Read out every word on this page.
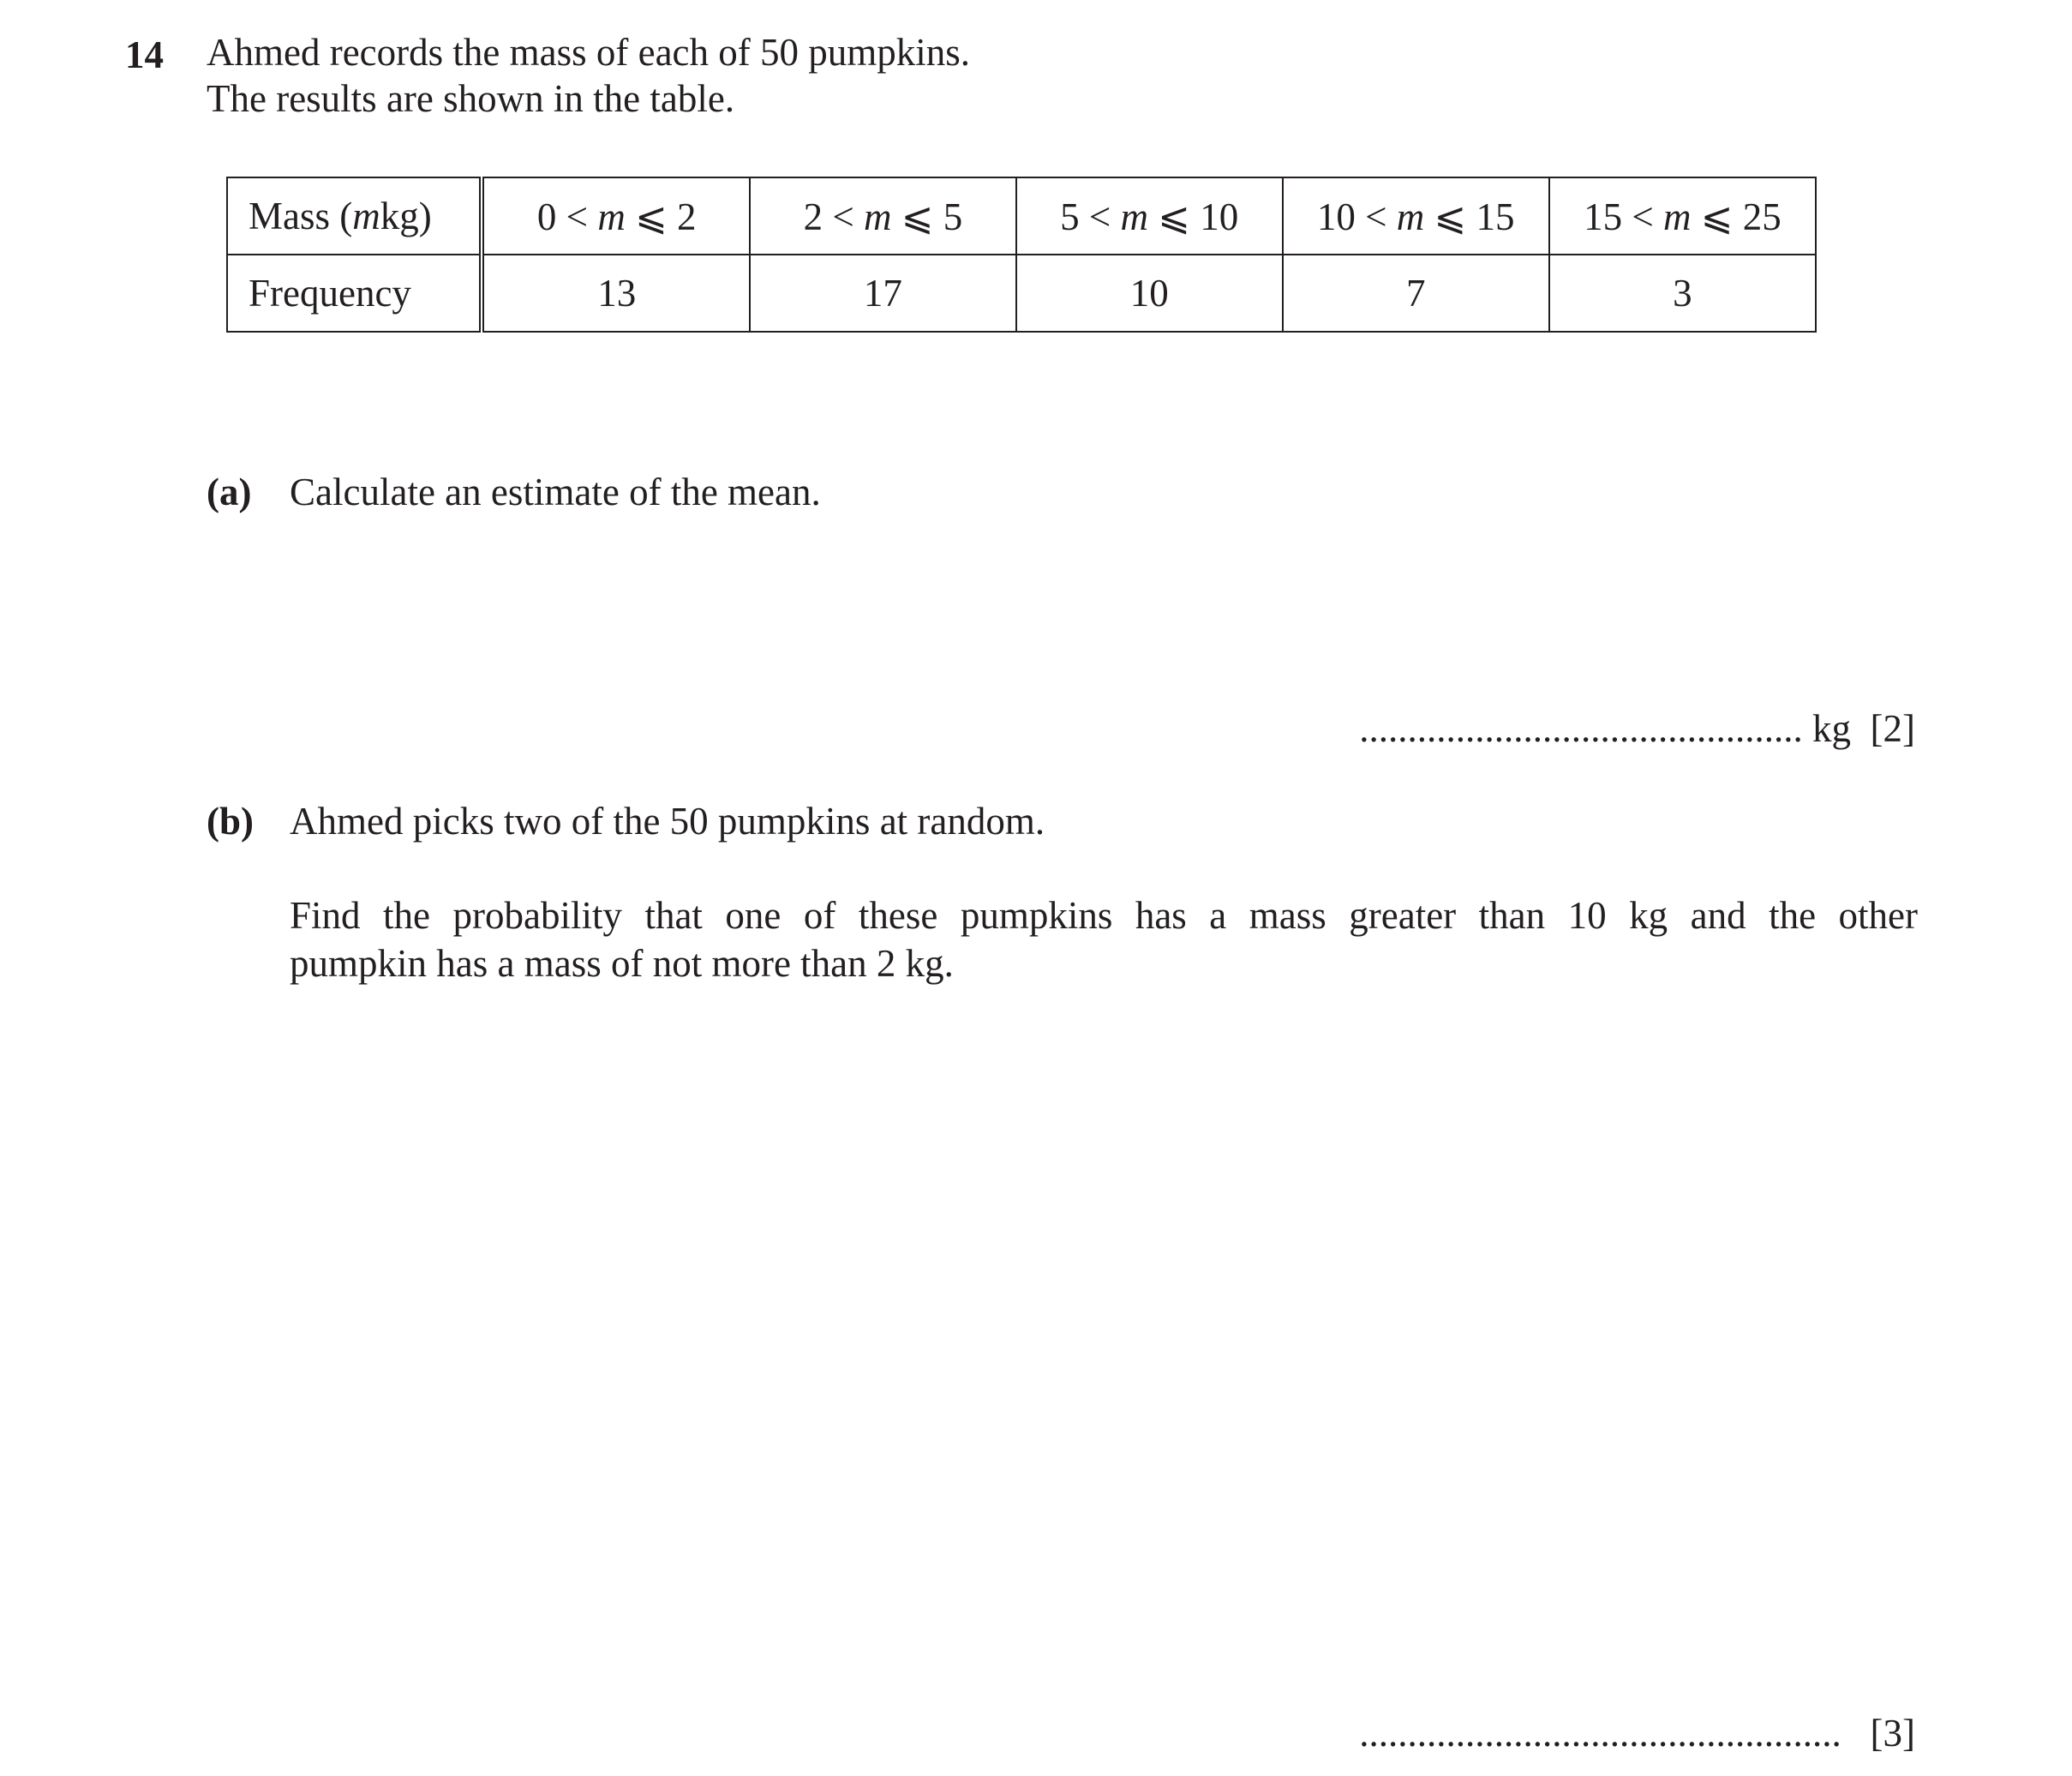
14 Ahmed records the mass of each of 50 pumpkins.
The results are shown in the table.
Mass (mkg)	0 < m ⩽ 2	2 < m ⩽ 5	5 < m ⩽ 10	10 < m ⩽ 15	15 < m ⩽ 25
Frequency	13	17	10	7	3
(a) Calculate an estimate of the mean.
.............................................. kg [2]
(b) Ahmed picks two of the 50 pumpkins at random.
Find the probability that one of these pumpkins has a mass greater than 10 kg and the other
pumpkin has a mass of not more than 2 kg.
.................................................. [3]
